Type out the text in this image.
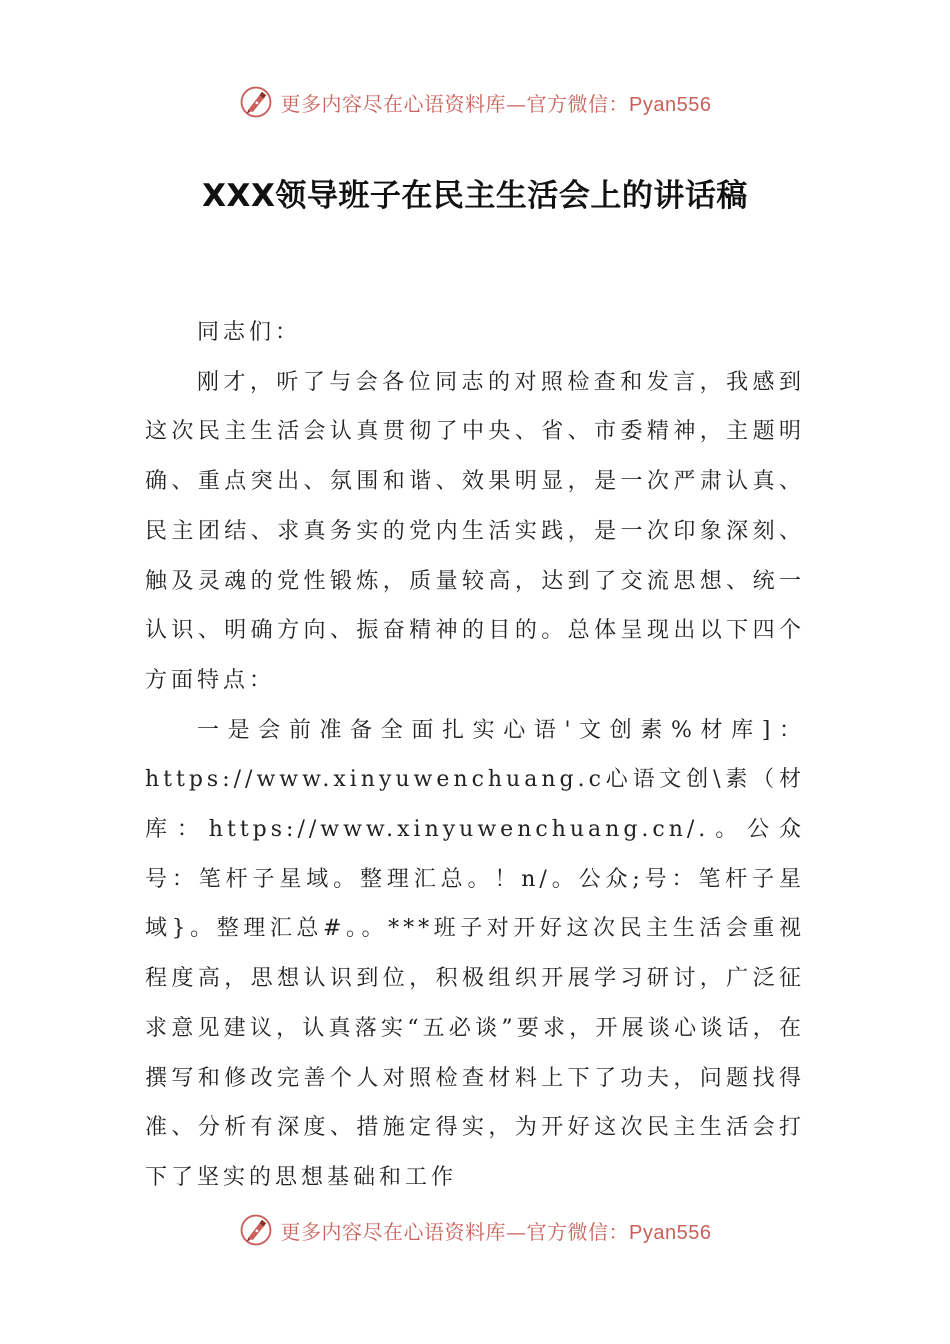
更多内容尽在心语资料库—官方微信：Pyan556
XXX领导班子在民主生活会上的讲话稿

同志们：

刚才，听了与会各位同志的对照检查和发言，我感到这次民主生活会认真贯彻了中央、省、市委精神，主题明确、重点突出、氛围和谐、效果明显，是一次严肃认真、民主团结、求真务实的党内生活实践，是一次印象深刻、触及灵魂的党性锻炼，质量较高，达到了交流思想、统一认识、明确方向、振奋精神的目的。总体呈现出以下四个方面特点：

一是会前准备全面扎实心语'文创素%材库]：https://www.xinyuwenchuang.c心语文创\素（材库：https://www.xinyuwenchuang.cn/.。公众号：笔杆子星域。整理汇总。！n/。公众;号：笔杆子星域}。整理汇总#。。***班子对开好这次民主生活会重视程度高，思想认识到位，积极组织开展学习研讨，广泛征求意见建议，认真落实“五必谈”要求，开展谈心谈话，在撰写和修改完善个人对照检查材料上下了功夫，问题找得准、分析有深度、措施定得实，为开好这次民主生活会打下了坚实的思想基础和工作

更多内容尽在心语资料库—官方微信：Pyan556
